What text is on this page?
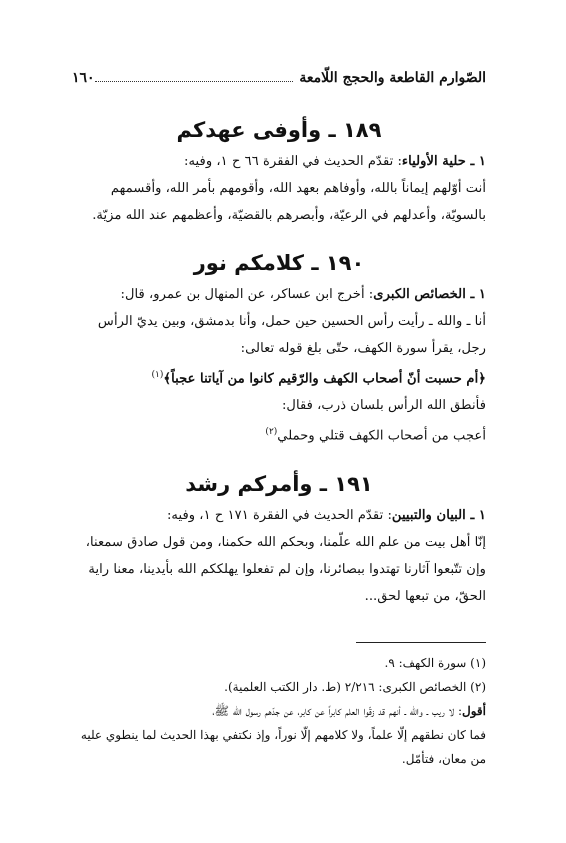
الصّوارم القاطعة والحجج اللّامعة
١٦٠
١٨٩ ـ وأوفى عهدكم
١ ـ حلية الأولياء: تقدّم الحديث في الفقرة ٦٦ ح ١، وفيه:
أنت أوّلهم إيماناً بالله، وأوفاهم بعهد الله، وأقومهم بأمر الله، وأقسمهم
بالسويّة، وأعدلهم في الرعيّة، وأبصرهم بالقضيّة، وأعظمهم عند الله مزيّة.
١٩٠ ـ كلامكم نور
١ ـ الخصائص الكبرى: أخرج ابن عساكر، عن المنهال بن عمرو، قال:
أنا ـ والله ـ رأيت رأس الحسين حين حمل، وأنا بدمشق، وبين يديّ الرأس
رجل، يقرأ سورة الكهف، حتّى بلغ قوله تعالى:
﴿أم حسبت أنّ أصحاب الكهف والرّقيم كانوا من آياتنا عجباً﴾$^{(١)}$
فأنطق الله الرأس بلسان ذرب، فقال:
أعجب من أصحاب الكهف قتلي وحملي$^{(٢)}$
١٩١ ـ وأمركم رشد
١ ـ البيان والتبيين: تقدّم الحديث في الفقرة ١٧١ ح ١، وفيه:
إنّا أهل بيت من علم الله علّمنا، وبحكم الله حكمنا، ومن قول صادق سمعنا،
وإن تتّبعوا آثارنا تهتدوا ببصائرنا، وإن لم تفعلوا يهلككم الله بأيدينا، معنا راية
الحقّ، من تبعها لحق...
(١) سورة الكهف: ٩.
(٢) الخصائص الكبرى: ٢/٢١٦ (ط. دار الكتب العلمية).
أقول: لا ريب ـ والله ـ أنهم قد زقّوا العلم كابراً عن كابر، عن جدّهم رسول الله ﷺ،
فما كان نطقهم إلّا علماً، ولا كلامهم إلّا نوراً، وإذ نكتفي بهذا الحديث لما ينطوي عليه
من معان، فتأمّل.
